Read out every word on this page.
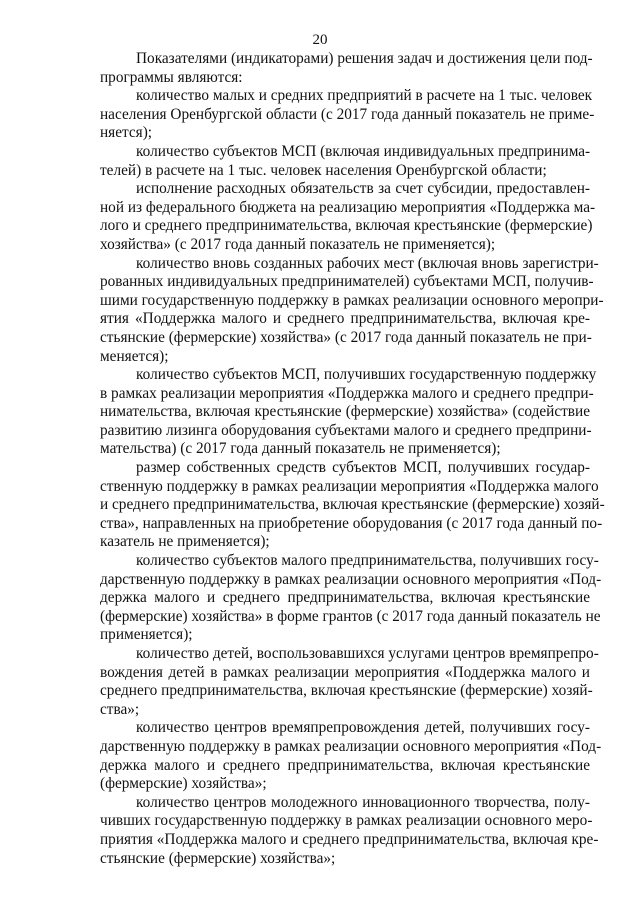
20
Показателями (индикаторами) решения задач и достижения цели под-
программы являются:
количество малых и средних предприятий в расчете на 1 тыс. человек
населения Оренбургской области (с 2017 года данный показатель не приме-
няется);
количество субъектов МСП (включая индивидуальных предпринима-
телей) в расчете на 1 тыс. человек населения Оренбургской области;
исполнение расходных обязательств за счет субсидии, предоставлен-
ной из федерального бюджета на реализацию мероприятия «Поддержка ма-
лого и среднего предпринимательства, включая крестьянские (фермерские)
хозяйства» (с 2017 года данный показатель не применяется);
количество вновь созданных рабочих мест (включая вновь зарегистри-
рованных индивидуальных предпринимателей) субъектами МСП, получив-
шими государственную поддержку в рамках реализации основного меропри-
ятия «Поддержка малого и среднего предпринимательства, включая кре-
стьянские (фермерские) хозяйства» (с 2017 года данный показатель не при-
меняется);
количество субъектов МСП, получивших государственную поддержку
в рамках реализации мероприятия «Поддержка малого и среднего предпри-
нимательства, включая крестьянские (фермерские) хозяйства» (содействие
развитию лизинга оборудования субъектами малого и среднего предприни-
мательства) (с 2017 года данный показатель не применяется);
размер собственных средств субъектов МСП, получивших государ-
ственную поддержку в рамках реализации мероприятия «Поддержка малого
и среднего предпринимательства, включая крестьянские (фермерские) хозяй-
ства», направленных на приобретение оборудования (с 2017 года данный по-
казатель не применяется);
количество субъектов малого предпринимательства, получивших госу-
дарственную поддержку в рамках реализации основного мероприятия «Под-
держка малого и среднего предпринимательства, включая крестьянские
(фермерские) хозяйства» в форме грантов (с 2017 года данный показатель не
применяется);
количество детей, воспользовавшихся услугами центров времяпрепро-
вождения детей в рамках реализации мероприятия «Поддержка малого и
среднего предпринимательства, включая крестьянские (фермерские) хозяй-
ства»;
количество центров времяпрепровождения детей, получивших госу-
дарственную поддержку в рамках реализации основного мероприятия «Под-
держка малого и среднего предпринимательства, включая крестьянские
(фермерские) хозяйства»;
количество центров молодежного инновационного творчества, полу-
чивших государственную поддержку в рамках реализации основного меро-
приятия «Поддержка малого и среднего предпринимательства, включая кре-
стьянские (фермерские) хозяйства»;
